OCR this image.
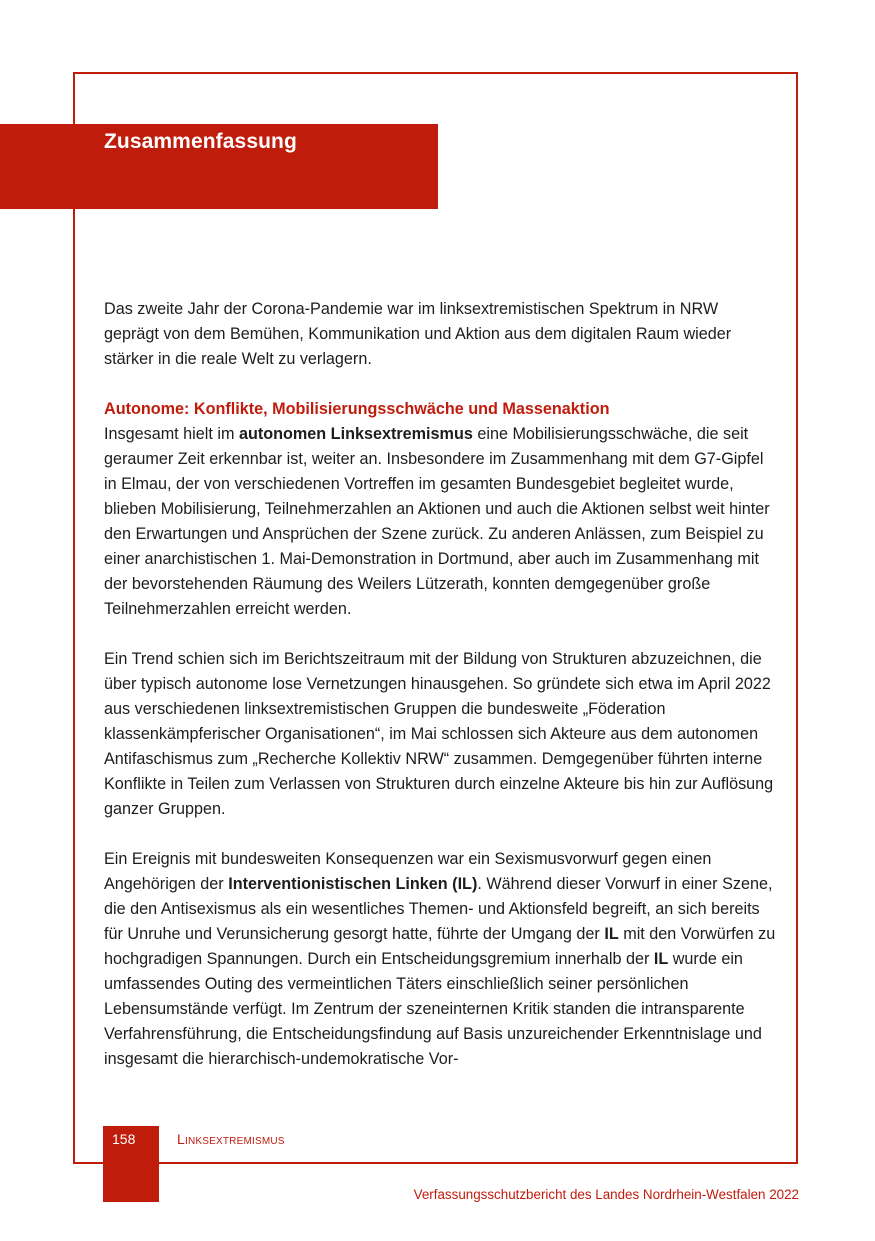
Zusammenfassung

Das zweite Jahr der Corona-Pandemie war im linksextremistischen Spektrum in NRW geprägt von dem Bemühen, Kommunikation und Aktion aus dem digitalen Raum wieder stärker in die reale Welt zu verlagern.

Autonome: Konflikte, Mobilisierungsschwäche und Massenaktion
Insgesamt hielt im autonomen Linksextremismus eine Mobilisierungsschwäche, die seit geraumer Zeit erkennbar ist, weiter an. Insbesondere im Zusammenhang mit dem G7-Gipfel in Elmau, der von verschiedenen Vortreffen im gesamten Bundesgebiet begleitet wurde, blieben Mobilisierung, Teilnehmerzahlen an Aktionen und auch die Aktionen selbst weit hinter den Erwartungen und Ansprüchen der Szene zurück. Zu anderen Anlässen, zum Beispiel zu einer anarchistischen 1. Mai-Demonstration in Dortmund, aber auch im Zusammenhang mit der bevorstehenden Räumung des Weilers Lützerath, konnten demgegenüber große Teilnehmerzahlen erreicht werden.

Ein Trend schien sich im Berichtszeitraum mit der Bildung von Strukturen abzuzeichnen, die über typisch autonome lose Vernetzungen hinausgehen. So gründete sich etwa im April 2022 aus verschiedenen linksextremistischen Gruppen die bundesweite „Föderation klassenkämpferischer Organisationen“, im Mai schlossen sich Akteure aus dem autonomen Antifaschismus zum „Recherche Kollektiv NRW“ zusammen. Demgegenüber führten interne Konflikte in Teilen zum Verlassen von Strukturen durch einzelne Akteure bis hin zur Auflösung ganzer Gruppen.

Ein Ereignis mit bundesweiten Konsequenzen war ein Sexismusvorwurf gegen einen Angehörigen der Interventionistischen Linken (IL). Während dieser Vorwurf in einer Szene, die den Antisexismus als ein wesentliches Themen- und Aktionsfeld begreift, an sich bereits für Unruhe und Verunsicherung gesorgt hatte, führte der Umgang der IL mit den Vorwürfen zu hochgradigen Spannungen. Durch ein Entscheidungsgremium innerhalb der IL wurde ein umfassendes Outing des vermeintlichen Täters einschließlich seiner persönlichen Lebensumstände verfügt. Im Zentrum der szeneinternen Kritik standen die intransparente Verfahrensführung, die Entscheidungsfindung auf Basis unzureichender Erkenntnislage und insgesamt die hierarchisch-undemokratische Vor-

158	Linksextremismus
Verfassungsschutzbericht des Landes Nordrhein-Westfalen 2022
